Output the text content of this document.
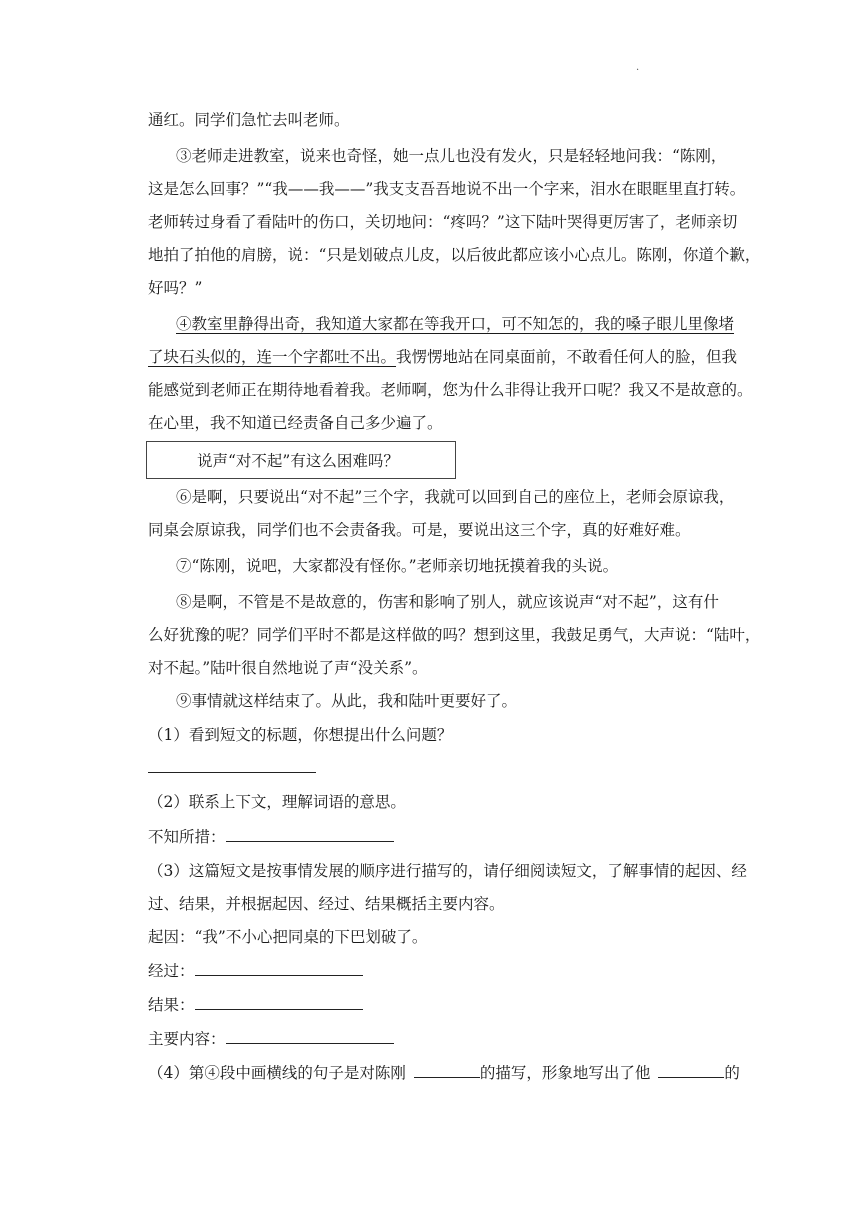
.
通红。同学们急忙去叫老师。
③老师走进教室，说来也奇怪，她一点儿也没有发火，只是轻轻地问我：“陈刚，
这是怎么回事？”“我——我——”我支支吾吾地说不出一个字来，泪水在眼眶里直打转。
老师转过身看了看陆叶的伤口，关切地问：“疼吗？”这下陆叶哭得更厉害了，老师亲切
地拍了拍他的肩膀，说：“只是划破点儿皮，以后彼此都应该小心点儿。陈刚，你道个歉，
好吗？”
④教室里静得出奇，我知道大家都在等我开口，可不知怎的，我的嗓子眼儿里像堵
了块石头似的，连一个字都吐不出。我愣愣地站在同桌面前，不敢看任何人的脸，但我
能感觉到老师正在期待地看着我。老师啊，您为什么非得让我开口呢？我又不是故意的。
在心里，我不知道已经责备自己多少遍了。
说声“对不起”有这么困难吗？
⑥是啊，只要说出“对不起”三个字，我就可以回到自己的座位上，老师会原谅我，
同桌会原谅我，同学们也不会责备我。可是，要说出这三个字，真的好难好难。
⑦“陈刚，说吧，大家都没有怪你。”老师亲切地抚摸着我的头说。
⑧是啊，不管是不是故意的，伤害和影响了别人，就应该说声“对不起”，这有什
么好犹豫的呢？同学们平时不都是这样做的吗？想到这里，我鼓足勇气，大声说：“陆叶，
对不起。”陆叶很自然地说了声“没关系”。
⑨事情就这样结束了。从此，我和陆叶更要好了。
（1）看到短文的标题，你想提出什么问题？
（2）联系上下文，理解词语的意思。
不知所措：
（3）这篇短文是按事情发展的顺序进行描写的，请仔细阅读短文，了解事情的起因、经
过、结果，并根据起因、经过、结果概括主要内容。
起因：“我”不小心把同桌的下巴划破了。
经过：
结果：
主要内容：
（4）第④段中画横线的句子是对陈刚	的描写，形象地写出了他	的
